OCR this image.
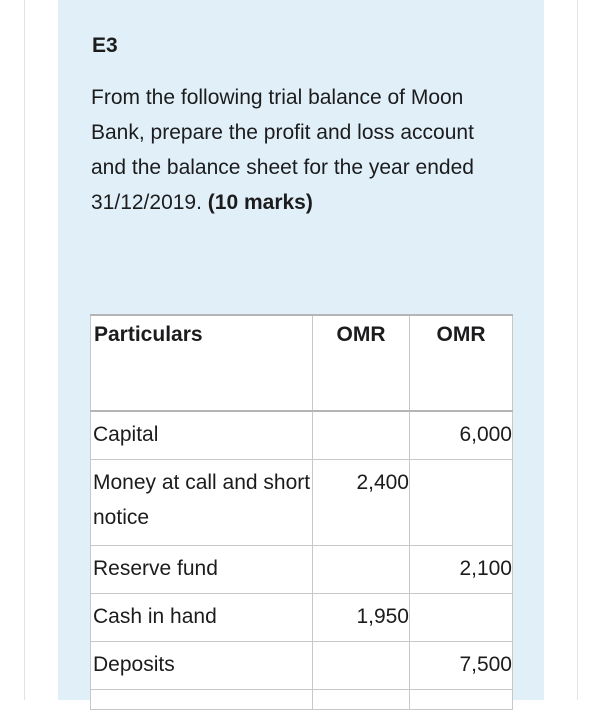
E3
From the following trial balance of Moon Bank, prepare the profit and loss account and the balance sheet for the year ended 31/12/2019. (10 marks)
Particulars	OMR	OMR
Capital		6,000
Money at call and short notice	2,400	
Reserve fund		2,100
Cash in hand	1,950	
Deposits		7,500
